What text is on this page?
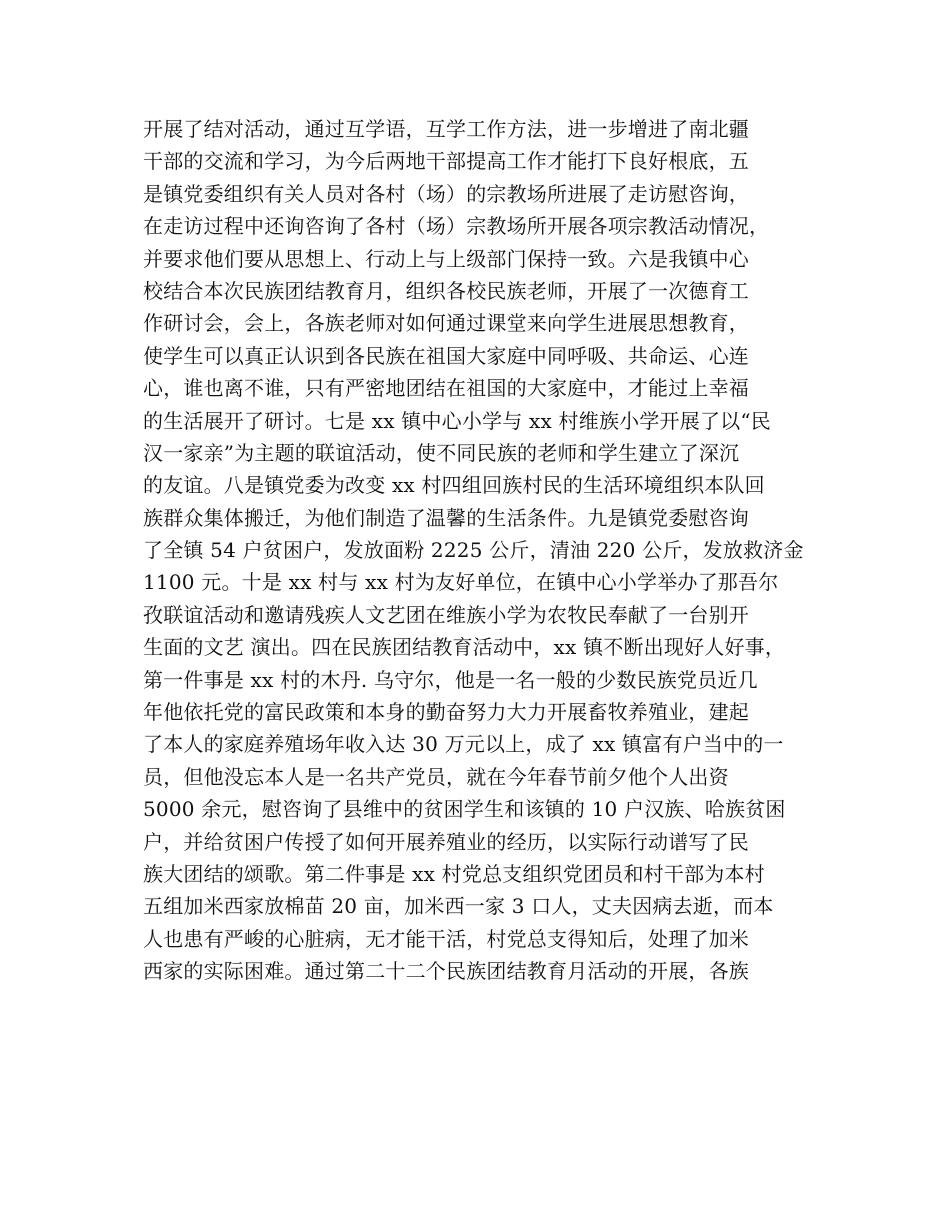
开展了结对活动，通过互学语，互学工作方法，进一步增进了南北疆
干部的交流和学习，为今后两地干部提高工作才能打下良好根底，五
是镇党委组织有关人员对各村（场）的宗教场所进展了走访慰咨询，
在走访过程中还询咨询了各村（场）宗教场所开展各项宗教活动情况，
并要求他们要从思想上、行动上与上级部门保持一致。六是我镇中心
校结合本次民族团结教育月，组织各校民族老师，开展了一次德育工
作研讨会，会上，各族老师对如何通过课堂来向学生进展思想教育，
使学生可以真正认识到各民族在祖国大家庭中同呼吸、共命运、心连
心，谁也离不谁，只有严密地团结在祖国的大家庭中，才能过上幸福
的生活展开了研讨。七是 xx 镇中心小学与 xx 村维族小学开展了以“民
汉一家亲”为主题的联谊活动，使不同民族的老师和学生建立了深沉
的友谊。八是镇党委为改变 xx 村四组回族村民的生活环境组织本队回
族群众集体搬迁，为他们制造了温馨的生活条件。九是镇党委慰咨询
了全镇 54 户贫困户，发放面粉 2225 公斤，清油 220 公斤，发放救济金
1100 元。十是 xx 村与 xx 村为友好单位，在镇中心小学举办了那吾尔
孜联谊活动和邀请残疾人文艺团在维族小学为农牧民奉献了一台别开
生面的文艺 演出。四在民族团结教育活动中，xx 镇不断出现好人好事，
第一件事是 xx 村的木丹. 乌守尔，他是一名一般的少数民族党员近几
年他依托党的富民政策和本身的勤奋努力大力开展畜牧养殖业，建起
了本人的家庭养殖场年收入达 30 万元以上，成了 xx 镇富有户当中的一
员，但他没忘本人是一名共产党员，就在今年春节前夕他个人出资
5000 余元，慰咨询了县维中的贫困学生和该镇的 10 户汉族、哈族贫困
户，并给贫困户传授了如何开展养殖业的经历，以实际行动谱写了民
族大团结的颂歌。第二件事是 xx 村党总支组织党团员和村干部为本村
五组加米西家放棉苗 20 亩，加米西一家 3 口人，丈夫因病去逝，而本
人也患有严峻的心脏病，无才能干活，村党总支得知后，处理了加米
西家的实际困难。通过第二十二个民族团结教育月活动的开展，各族
